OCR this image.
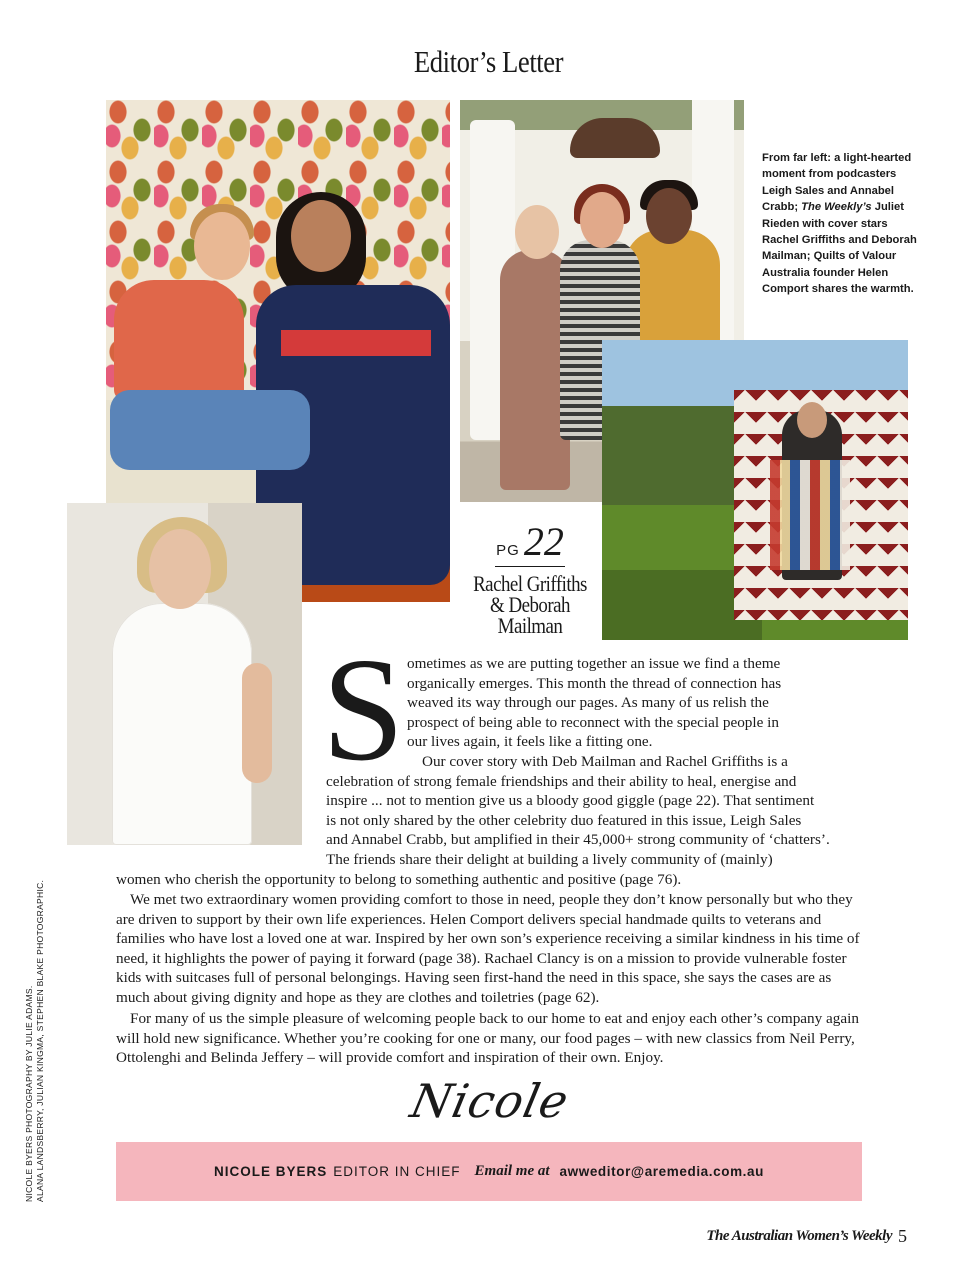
Editor’s Letter
From far left: a light-hearted moment from podcasters Leigh Sales and Annabel Crabb; The Weekly’s Juliet Rieden with cover stars Rachel Griffiths and Deborah Mailman; Quilts of Valour Australia founder Helen Comport shares the warmth.
PG 22
Rachel Griffiths
& Deborah
Mailman
S ometimes as we are putting together an issue we find a theme
organically emerges. This month the thread of connection has
weaved its way through our pages. As many of us relish the
prospect of being able to reconnect with the special people in
our lives again, it feels like a fitting one.
Our cover story with Deb Mailman and Rachel Griffiths is a
celebration of strong female friendships and their ability to heal, energise and
inspire ... not to mention give us a bloody good giggle (page 22). That sentiment
is not only shared by the other celebrity duo featured in this issue, Leigh Sales
and Annabel Crabb, but amplified in their 45,000+ strong community of ‘chatters’.
The friends share their delight at building a lively community of (mainly)
women who cherish the opportunity to belong to something authentic and positive (page 76).
We met two extraordinary women providing comfort to those in need, people they don’t know personally but who they are driven to support by their own life experiences. Helen Comport delivers special handmade quilts to veterans and families who have lost a loved one at war. Inspired by her own son’s experience receiving a similar kindness in his time of need, it highlights the power of paying it forward (page 38). Rachael Clancy is on a mission to provide vulnerable foster kids with suitcases full of personal belongings. Having seen first-hand the need in this space, she says the cases are as much about giving dignity and hope as they are clothes and toiletries (page 62).
For many of us the simple pleasure of welcoming people back to our home to eat and enjoy each other’s company again will hold new significance. Whether you’re cooking for one or many, our food pages – with new classics from Neil Perry, Ottolenghi and Belinda Jeffery – will provide comfort and inspiration of their own. Enjoy.
Nicole
NICOLE BYERS EDITOR IN CHIEF Email me at awweditor@aremedia.com.au
NICOLE BYERS PHOTOGRAPHY BY JULIE ADAMS. ALANA LANDSBERRY, JULIAN KINGMA, STEPHEN BLAKE PHOTOGRAPHIC.
The Australian Women’s Weekly 5
